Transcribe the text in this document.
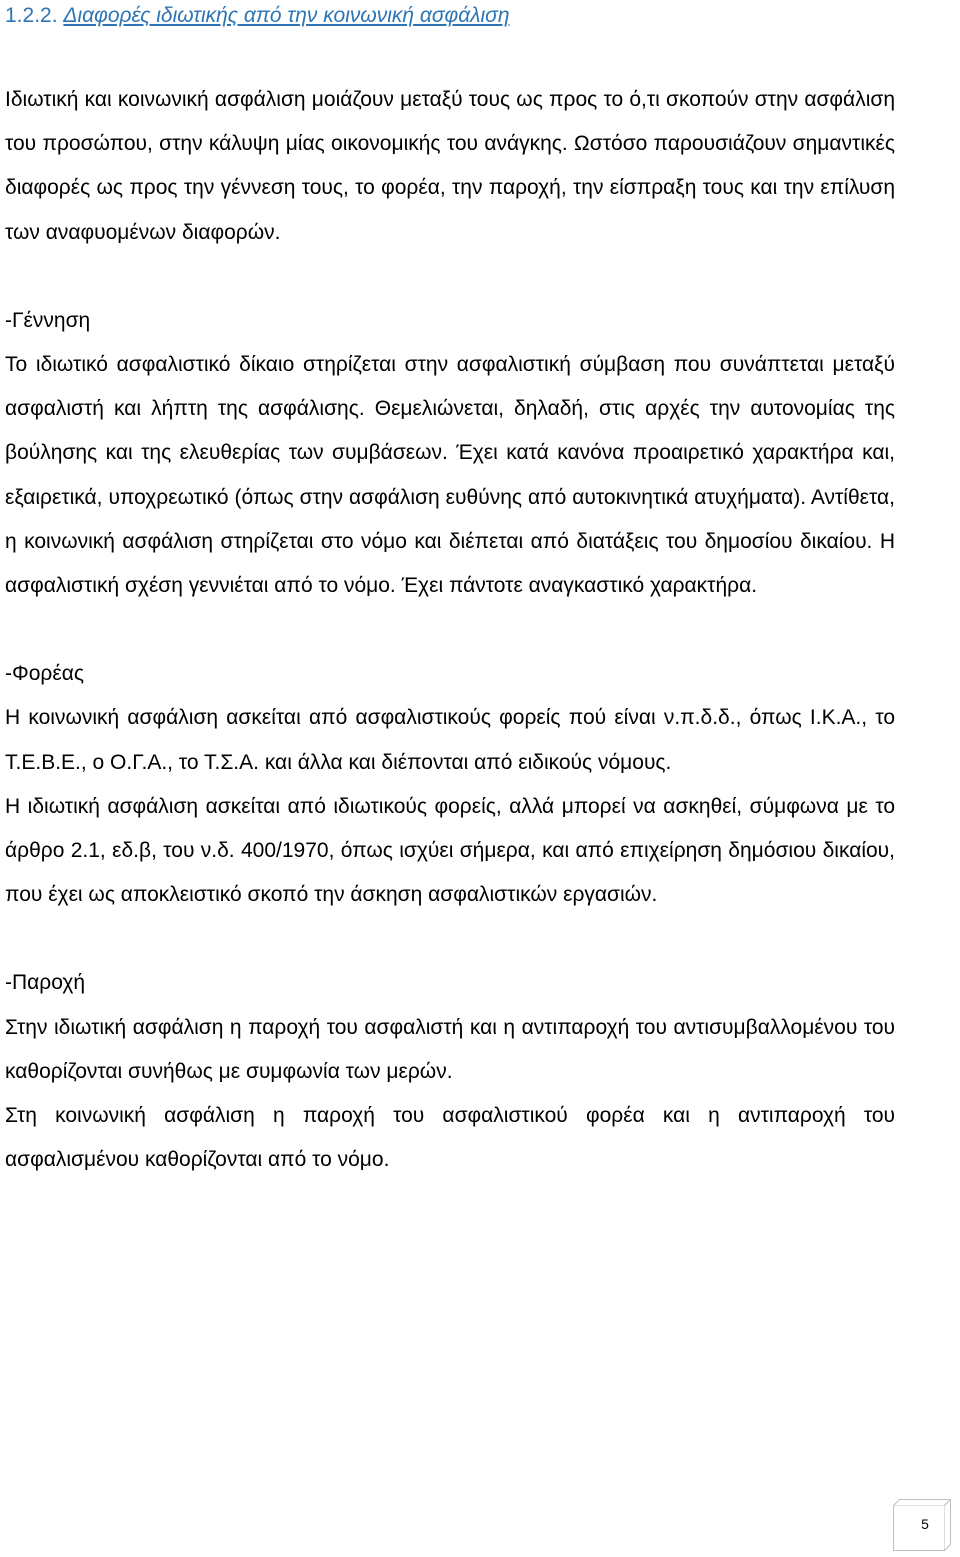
1.2.2. Διαφορές ιδιωτικής από την κοινωνική ασφάλιση

Ιδιωτική και κοινωνική ασφάλιση μοιάζουν μεταξύ τους ως προς το ό,τι σκοπούν στην ασφάλιση του προσώπου, στην κάλυψη μίας οικονομικής του ανάγκης. Ωστόσο παρουσιάζουν σημαντικές διαφορές ως προς την γέννεση τους, το φορέα, την παροχή, την είσπραξη τους και την επίλυση των αναφυομένων διαφορών.

-Γέννηση

Το ιδιωτικό ασφαλιστικό δίκαιο στηρίζεται στην ασφαλιστική σύμβαση που συνάπτεται μεταξύ ασφαλιστή και λήπτη της ασφάλισης. Θεμελιώνεται, δηλαδή, στις αρχές την αυτονομίας της βούλησης και της ελευθερίας των συμβάσεων. Έχει κατά κανόνα προαιρετικό χαρακτήρα και, εξαιρετικά, υποχρεωτικό (όπως στην ασφάλιση ευθύνης από αυτοκινητικά ατυχήματα). Αντίθετα, η κοινωνική ασφάλιση στηρίζεται στο νόμο και διέπεται από διατάξεις του δημοσίου δικαίου. Η ασφαλιστική σχέση γεννιέται από το νόμο. Έχει πάντοτε αναγκαστικό χαρακτήρα.

-Φορέας

Η κοινωνική ασφάλιση ασκείται από ασφαλιστικούς φορείς πού είναι ν.π.δ.δ., όπως Ι.Κ.Α., το Τ.Ε.Β.Ε., ο Ο.Γ.Α., το Τ.Σ.Α. και άλλα και διέπονται από ειδικούς νόμους.

Η ιδιωτική ασφάλιση ασκείται από ιδιωτικούς φορείς, αλλά μπορεί να ασκηθεί, σύμφωνα με το άρθρο 2.1, εδ.β, του ν.δ. 400/1970, όπως ισχύει σήμερα, και από επιχείρηση δημόσιου δικαίου, που έχει ως αποκλειστικό σκοπό την άσκηση ασφαλιστικών εργασιών.

-Παροχή

Στην ιδιωτική ασφάλιση η παροχή του ασφαλιστή και η αντιπαροχή του αντισυμβαλλομένου του καθορίζονται συνήθως με συμφωνία των μερών.

Στη κοινωνική ασφάλιση η παροχή του ασφαλιστικού φορέα και η αντιπαροχή του ασφαλισμένου καθορίζονται από το νόμο.

5
